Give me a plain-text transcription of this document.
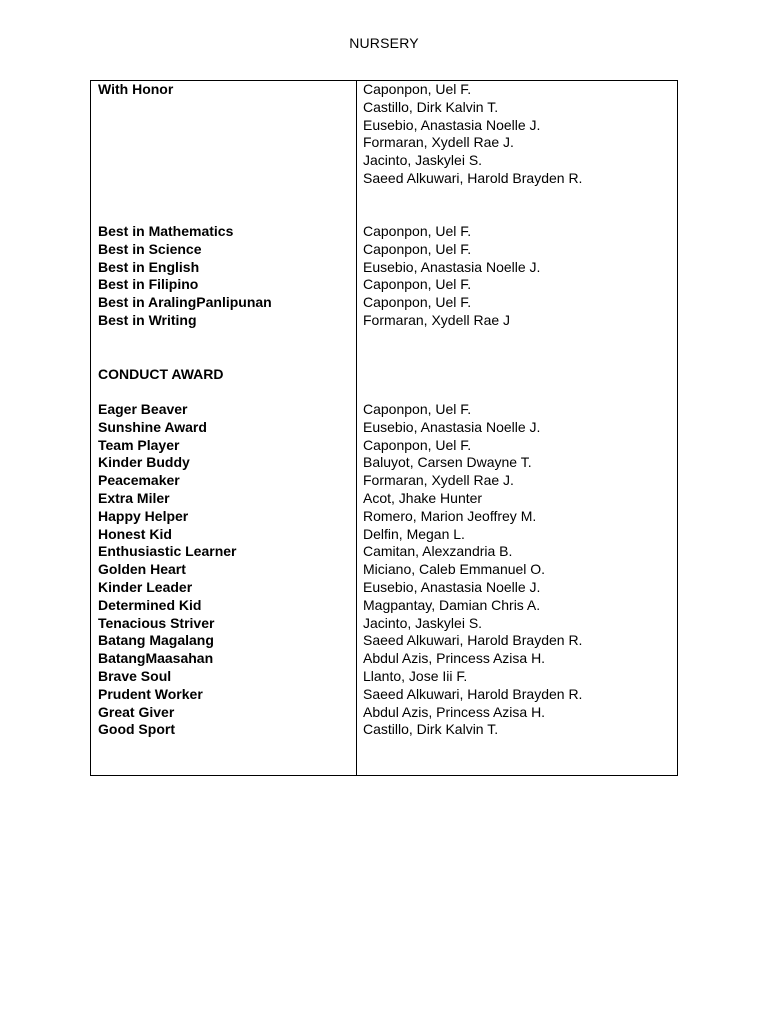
NURSERY
With Honor	Caponpon, Uel F.
Castillo, Dirk Kalvin T.
Eusebio, Anastasia Noelle J.
Formaran, Xydell Rae J.
Jacinto, Jaskylei S.
Saeed Alkuwari, Harold Brayden R.
Best in Mathematics	Caponpon, Uel F.
Best in Science	Caponpon, Uel F.
Best in English	Eusebio, Anastasia Noelle J.
Best in Filipino	Caponpon, Uel F.
Best in AralingPanlipunan	Caponpon, Uel F.
Best in Writing	Formaran, Xydell Rae J
CONDUCT AWARD
Eager Beaver	Caponpon, Uel F.
Sunshine Award	Eusebio, Anastasia Noelle J.
Team Player	Caponpon, Uel F.
Kinder Buddy	Baluyot, Carsen Dwayne T.
Peacemaker	Formaran, Xydell Rae J.
Extra Miler	Acot, Jhake Hunter
Happy Helper	Romero, Marion Jeoffrey M.
Honest Kid	Delfin, Megan L.
Enthusiastic Learner	Camitan, Alexzandria B.
Golden Heart	Miciano, Caleb Emmanuel O.
Kinder Leader	Eusebio, Anastasia Noelle J.
Determined Kid	Magpantay, Damian Chris A.
Tenacious Striver	Jacinto, Jaskylei S.
Batang Magalang	Saeed Alkuwari, Harold Brayden R.
BatangMaasahan	Abdul Azis, Princess Azisa H.
Brave Soul	Llanto, Jose Iii F.
Prudent Worker	Saeed Alkuwari, Harold Brayden R.
Great Giver	Abdul Azis, Princess Azisa H.
Good Sport	Castillo, Dirk Kalvin T.
